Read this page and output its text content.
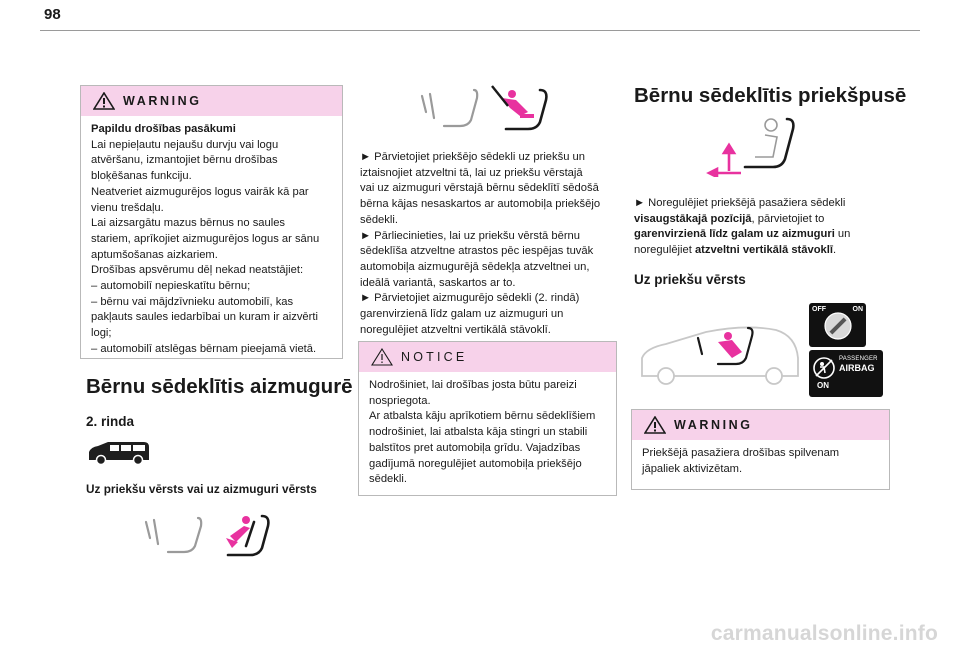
98
WARNING

Papildu drošības pasākumi

Lai nepieļautu nejaušu durvju vai logu

atvēršanu, izmantojiet bērnu drošības

bloķēšanas funkciju.

Neatveriet aizmugurējos logus vairāk kā par

vienu trešdaļu.

Lai aizsargātu mazus bērnus no saules

stariem, aprīkojiet aizmugurējos logus ar sānu

aptumšošanas aizkariem.

Drošības apsvērumu dēļ nekad neatstājiet:

– automobilī nepieskatītu bērnu;

– bērnu vai mājdzīvnieku automobilī, kas

pakļauts saules iedarbībai un kuram ir aizvērti

logi;

– automobilī atslēgas bērnam pieejamā vietā.

Bērnu sēdeklītis aizmugurē
2. rinda
Uz priekšu vērsts vai uz aizmuguri vērsts

► Pārvietojiet priekšējo sēdekli uz priekšu un

iztaisnojiet atzveltni tā, lai uz priekšu vērstajā

vai uz aizmuguri vērstajā bērnu sēdeklītī sēdošā

bērna kājas nesaskartos ar automobiļa priekšējo

sēdekli.

► Pārliecinieties, lai uz priekšu vērstā bērnu

sēdeklīša atzveltne atrastos pēc iespējas tuvāk

automobiļa aizmugurējā sēdekļa atzveltnei un,

ideālā variantā, saskartos ar to.

► Pārvietojiet aizmugurējo sēdekli (2. rindā)

garenvirzienā līdz galam uz aizmuguri un

noregulējiet atzveltni vertikālā stāvoklī.

NOTICE

Nodrošiniet, lai drošības josta būtu pareizi

nospriegota.

Ar atbalsta kāju aprīkotiem bērnu sēdeklīšiem

nodrošiniet, lai atbalsta kāja stingri un stabili

balstītos pret automobiļa grīdu. Vajadzības

gadījumā noregulējiet automobiļa priekšējo

sēdekli.

Bērnu sēdeklītis priekšpusē

► Noregulējiet priekšējā pasažiera sēdekli

visaugstākajā pozīcijā, pārvietojiet to

garenvirzienā līdz galam uz aizmuguri un

noregulējiet atzveltni vertikālā stāvoklī.

Uz priekšu vērsts
OFF	ON
PASSENGER
AIRBAG
ON
WARNING

Priekšējā pasažiera drošības spilvenam

jāpaliek aktivizētam.

carmanualsonline.info
